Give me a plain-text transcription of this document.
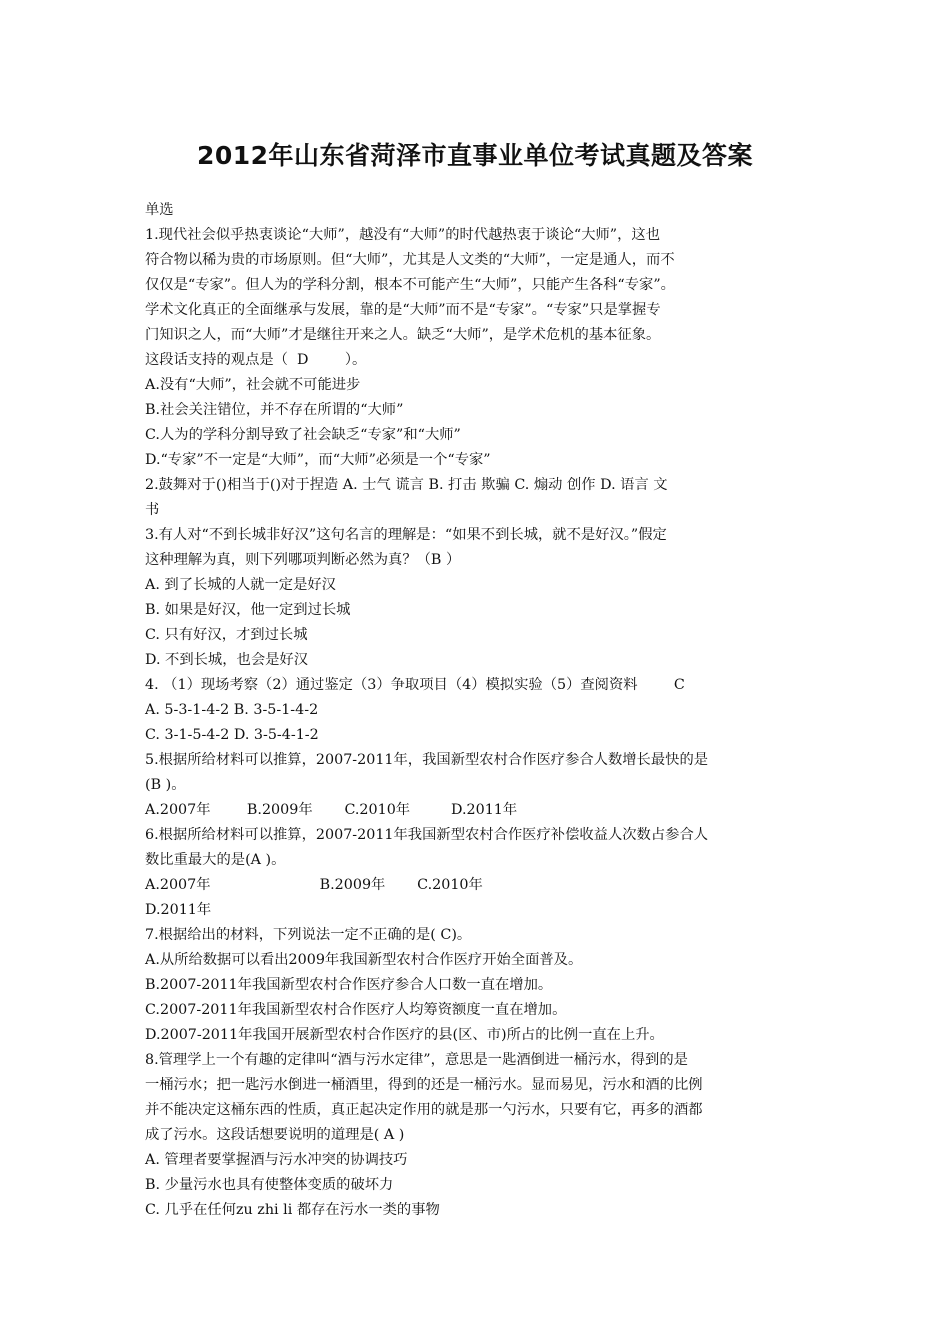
2012年山东省菏泽市直事业单位考试真题及答案
单选
1.现代社会似乎热衷谈论“大师”，越没有“大师”的时代越热衷于谈论“大师”，这也
符合物以稀为贵的市场原则。但“大师”，尤其是人文类的“大师”，一定是通人，而不
仅仅是“专家”。但人为的学科分割，根本不可能产生“大师”，只能产生各科“专家”。
学术文化真正的全面继承与发展，靠的是“大师”而不是“专家”。“专家”只是掌握专
门知识之人，而“大师”才是继往开来之人。缺乏“大师”，是学术危机的基本征象。
这段话支持的观点是（  D        ）。
A.没有“大师”，社会就不可能进步
B.社会关注错位，并不存在所谓的“大师”
C.人为的学科分割导致了社会缺乏“专家”和“大师”
D.“专家”不一定是“大师”，而“大师”必须是一个“专家”
2.鼓舞对于()相当于()对于捏造 A. 士气 谎言 B. 打击 欺骗 C. 煽动 创作 D. 语言 文
书
3.有人对“不到长城非好汉”这句名言的理解是：“如果不到长城，就不是好汉。”假定
这种理解为真，则下列哪项判断必然为真？（B ）
A. 到了长城的人就一定是好汉
B. 如果是好汉，他一定到过长城
C. 只有好汉，才到过长城
D. 不到长城，也会是好汉
4. （1）现场考察（2）通过鉴定（3）争取项目（4）模拟实验（5）查阅资料        C
A. 5-3-1-4-2 B. 3-5-1-4-2
C. 3-1-5-4-2 D. 3-5-4-1-2
5.根据所给材料可以推算，2007-2011年，我国新型农村合作医疗参合人数增长最快的是
(B )。
A.2007年        B.2009年       C.2010年         D.2011年
6.根据所给材料可以推算，2007-2011年我国新型农村合作医疗补偿收益人次数占参合人
数比重最大的是(A )。
A.2007年                        B.2009年       C.2010年
D.2011年
7.根据给出的材料，下列说法一定不正确的是( C)。
A.从所给数据可以看出2009年我国新型农村合作医疗开始全面普及。
B.2007-2011年我国新型农村合作医疗参合人口数一直在增加。
C.2007-2011年我国新型农村合作医疗人均筹资额度一直在增加。
D.2007-2011年我国开展新型农村合作医疗的县(区、市)所占的比例一直在上升。
8.管理学上一个有趣的定律叫“酒与污水定律”，意思是一匙酒倒进一桶污水，得到的是
一桶污水；把一匙污水倒进一桶酒里，得到的还是一桶污水。显而易见，污水和酒的比例
并不能决定这桶东西的性质，真正起决定作用的就是那一勺污水，只要有它，再多的酒都
成了污水。这段话想要说明的道理是( A )
A. 管理者要掌握酒与污水冲突的协调技巧
B. 少量污水也具有使整体变质的破坏力
C. 几乎在任何zu zhi li 都存在污水一类的事物
